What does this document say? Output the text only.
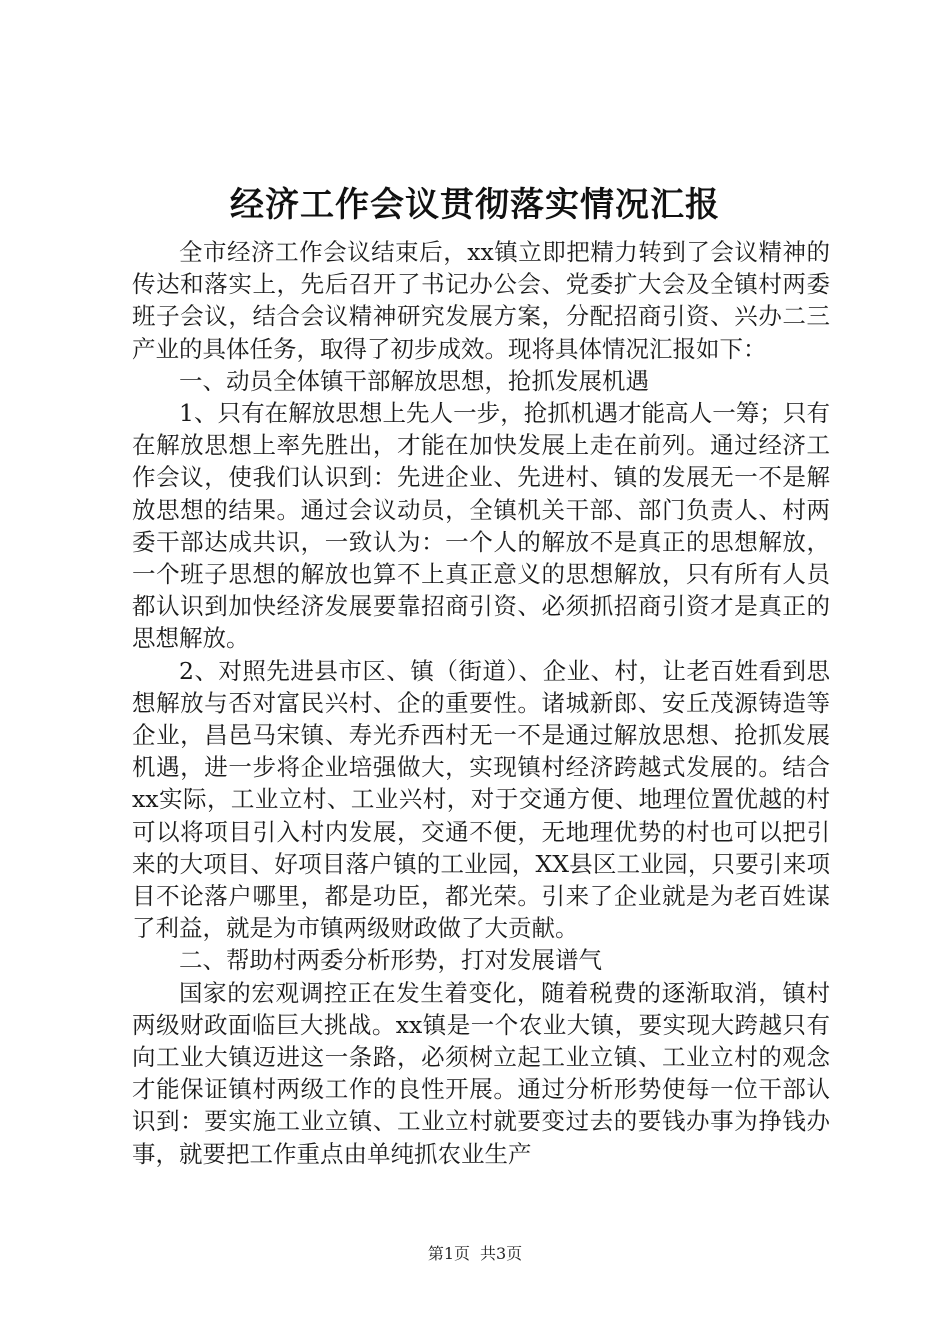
经济工作会议贯彻落实情况汇报

全市经济工作会议结束后，xx镇立即把精力转到了会议精神的传达和落实上，先后召开了书记办公会、党委扩大会及全镇村两委班子会议，结合会议精神研究发展方案，分配招商引资、兴办二三产业的具体任务，取得了初步成效。现将具体情况汇报如下：

一、动员全体镇干部解放思想，抢抓发展机遇

1、只有在解放思想上先人一步，抢抓机遇才能高人一筹；只有在解放思想上率先胜出，才能在加快发展上走在前列。通过经济工作会议，使我们认识到：先进企业、先进村、镇的发展无一不是解放思想的结果。通过会议动员，全镇机关干部、部门负责人、村两委干部达成共识，一致认为：一个人的解放不是真正的思想解放，一个班子思想的解放也算不上真正意义的思想解放，只有所有人员都认识到加快经济发展要靠招商引资、必须抓招商引资才是真正的思想解放。

2、对照先进县市区、镇（街道）、企业、村，让老百姓看到思想解放与否对富民兴村、企的重要性。诸城新郎、安丘茂源铸造等企业，昌邑马宋镇、寿光乔西村无一不是通过解放思想、抢抓发展机遇，进一步将企业培强做大，实现镇村经济跨越式发展的。结合xx实际，工业立村、工业兴村，对于交通方便、地理位置优越的村可以将项目引入村内发展，交通不便，无地理优势的村也可以把引来的大项目、好项目落户镇的工业园，XX县区工业园，只要引来项目不论落户哪里，都是功臣，都光荣。引来了企业就是为老百姓谋了利益，就是为市镇两级财政做了大贡献。

二、帮助村两委分析形势，打对发展谱气

国家的宏观调控正在发生着变化，随着税费的逐渐取消，镇村两级财政面临巨大挑战。xx镇是一个农业大镇，要实现大跨越只有向工业大镇迈进这一条路，必须树立起工业立镇、工业立村的观念才能保证镇村两级工作的良性开展。通过分析形势使每一位干部认识到：要实施工业立镇、工业立村就要变过去的要钱办事为挣钱办事，就要把工作重点由单纯抓农业生产

第1页 共3页
